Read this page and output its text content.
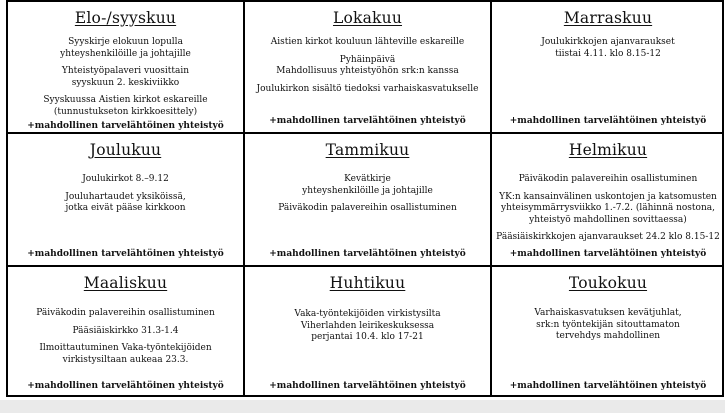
Elo-/syyskuu
Syyskirje elokuun lopulla
yhteyshenkilöille ja johtajille
Yhteistyöpalaveri vuosittain
syyskuun 2. keskiviikko
Syyskuussa Aistien kirkot eskareille
(tunnustukseton kirkkoesittely)
+mahdollinen tarvelähtöinen yhteistyö
Lokakuu
Aistien kirkot kouluun lähteville eskareille
Pyhäinpäivä
Mahdollisuus yhteistyöhön srk:n kanssa
Joulukirkon sisältö tiedoksi varhaiskasvatukselle
+mahdollinen tarvelähtöinen yhteistyö
Marraskuu
Joulukirkkojen ajanvaraukset
tiistai 4.11. klo 8.15-12
+mahdollinen tarvelähtöinen yhteistyö
Joulukuu
Joulukirkot 8.–9.12
Jouluhartaudet yksiköissä,
jotka eivät pääse kirkkoon
+mahdollinen tarvelähtöinen yhteistyö
Tammikuu
Kevätkirje
yhteyshenkilöille ja johtajille
Päiväkodin palavereihin osallistuminen
+mahdollinen tarvelähtöinen yhteistyö
Helmikuu
Päiväkodin palavereihin osallistuminen
YK:n kansainvälinen uskontojen ja katsomusten
yhteisymmärrysviikko 1.-7.2. (lähinnä nostona,
yhteistyö mahdollinen sovittaessa)
Pääsiäiskirkkojen ajanvaraukset 24.2 klo 8.15-12
+mahdollinen tarvelähtöinen yhteistyö
Maaliskuu
Päiväkodin palavereihin osallistuminen
Pääsiäiskirkko 31.3-1.4
Ilmoittautuminen Vaka-työntekijöiden
virkistysiltaan aukeaa 23.3.
+mahdollinen tarvelähtöinen yhteistyö
Huhtikuu
Vaka-työntekijöiden virkistysilta
Viherlahden leirikeskuksessa
perjantai 10.4. klo 17-21
+mahdollinen tarvelähtöinen yhteistyö
Toukokuu
Varhaiskasvatuksen kevätjuhlat,
srk:n työntekijän sitouttamaton
tervehdys mahdollinen
+mahdollinen tarvelähtöinen yhteistyö
